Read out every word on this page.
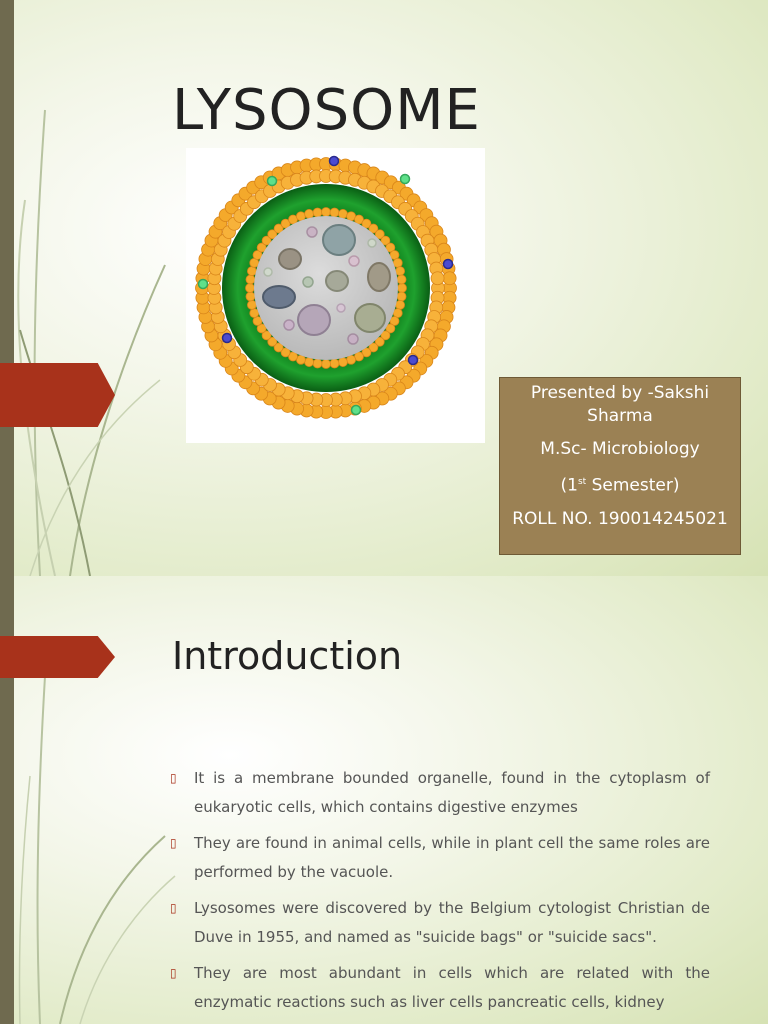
LYSOSOME

Presented by -Sakshi Sharma

M.Sc- Microbiology

(1st Semester)

ROLL NO. 190014245021

Introduction
▯ It is a membrane bounded organelle, found in the cytoplasm of eukaryotic cells, which contains digestive enzymes
▯ They are found in animal cells, while in plant cell the same roles are performed by the vacuole.
▯ Lysosomes were discovered by the Belgium cytologist Christian de Duve in 1955, and named as "suicide bags" or "suicide sacs".
▯ They are most abundant in cells which are related with the enzymatic reactions such as liver cells pancreatic cells, kidney
